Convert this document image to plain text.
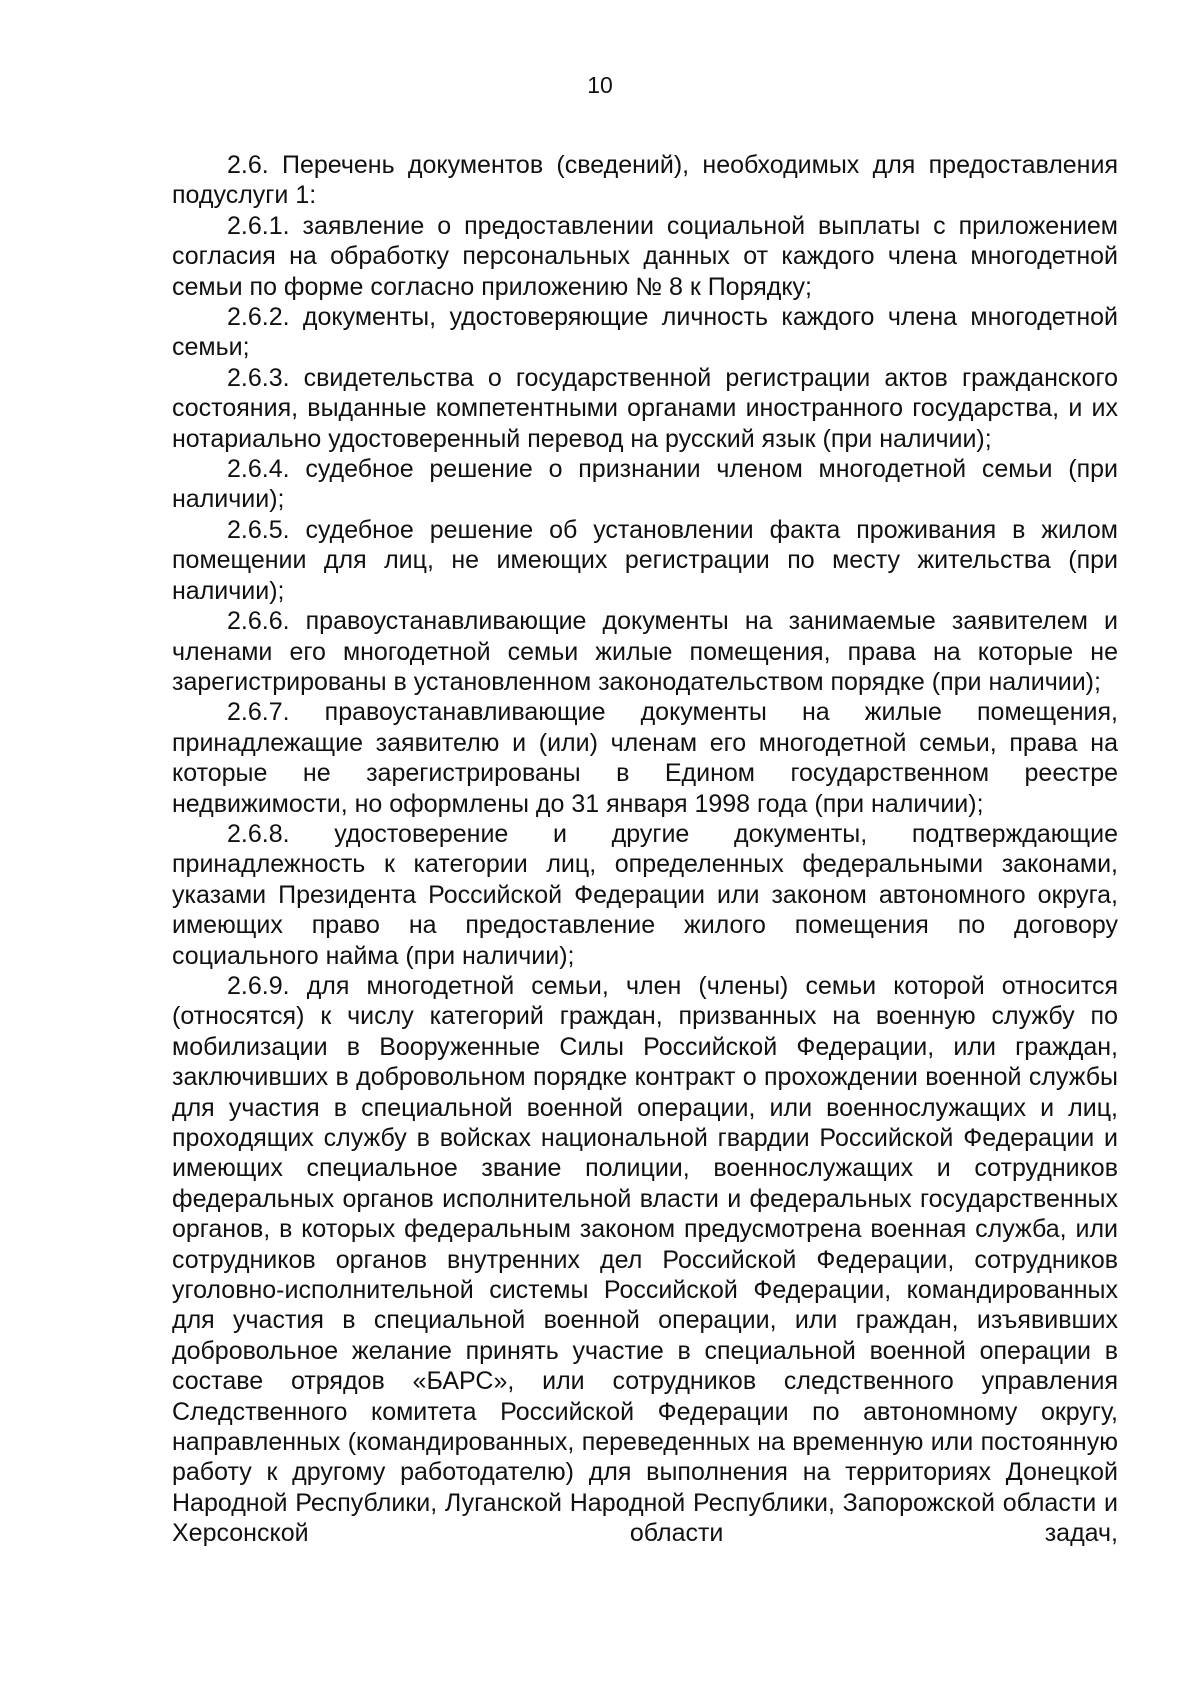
10

2.6. Перечень документов (сведений), необходимых для предоставления подуслуги 1:

2.6.1. заявление о предоставлении социальной выплаты с приложением согласия на обработку персональных данных от каждого члена многодетной семьи по форме согласно приложению № 8 к Порядку;

2.6.2. документы, удостоверяющие личность каждого члена многодетной семьи;

2.6.3. свидетельства о государственной регистрации актов гражданского состояния, выданные компетентными органами иностранного государства, и их нотариально удостоверенный перевод на русский язык (при наличии);

2.6.4. судебное решение о признании членом многодетной семьи (при наличии);

2.6.5. судебное решение об установлении факта проживания в жилом помещении для лиц, не имеющих регистрации по месту жительства (при наличии);

2.6.6. правоустанавливающие документы на занимаемые заявителем и членами его многодетной семьи жилые помещения, права на которые не зарегистрированы в установленном законодательством порядке (при наличии);

2.6.7. правоустанавливающие документы на жилые помещения, принадлежащие заявителю и (или) членам его многодетной семьи, права на которые не зарегистрированы в Едином государственном реестре недвижимости, но оформлены до 31 января 1998 года (при наличии);

2.6.8. удостоверение и другие документы, подтверждающие принадлежность к категории лиц, определенных федеральными законами, указами Президента Российской Федерации или законом автономного округа, имеющих право на предоставление жилого помещения по договору социального найма (при наличии);

2.6.9. для многодетной семьи, член (члены) семьи которой относится (относятся) к числу категорий граждан, призванных на военную службу по мобилизации в Вооруженные Силы Российской Федерации, или граждан, заключивших в добровольном порядке контракт о прохождении военной службы для участия в специальной военной операции, или военнослужащих и лиц, проходящих службу в войсках национальной гвардии Российской Федерации и имеющих специальное звание полиции, военнослужащих и сотрудников федеральных органов исполнительной власти и федеральных государственных органов, в которых федеральным законом предусмотрена военная служба, или сотрудников органов внутренних дел Российской Федерации, сотрудников уголовно-исполнительной системы Российской Федерации, командированных для участия в специальной военной операции, или граждан, изъявивших добровольное желание принять участие в специальной военной операции в составе отрядов «БАРС», или сотрудников следственного управления Следственного комитета Российской Федерации по автономному округу, направленных (командированных, переведенных на временную или постоянную работу к другому работодателю) для выполнения на территориях Донецкой Народной Республики, Луганской Народной Республики, Запорожской области и Херсонской области задач,
